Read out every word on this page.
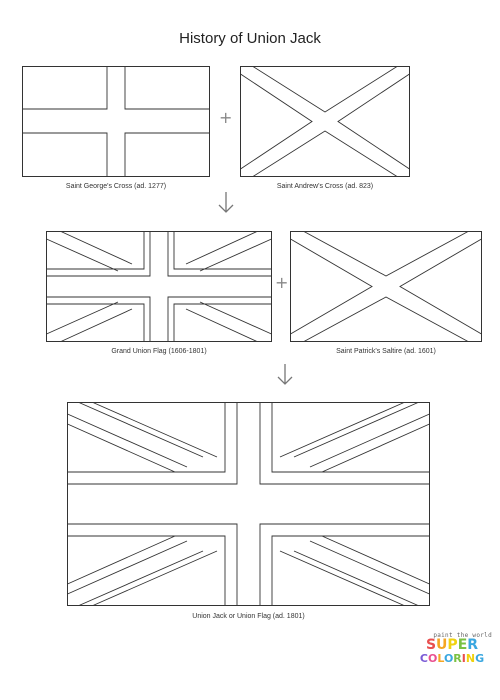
History of Union Jack
Saint George's Cross (ad. 1277)
+
Saint Andrew's Cross (ad. 823)
Grand Union Flag (1606-1801)
+
Saint Patrick's Saltire (ad. 1601)
Union Jack or Union Flag (ad. 1801)
paint the world
SUPER
COLORING
